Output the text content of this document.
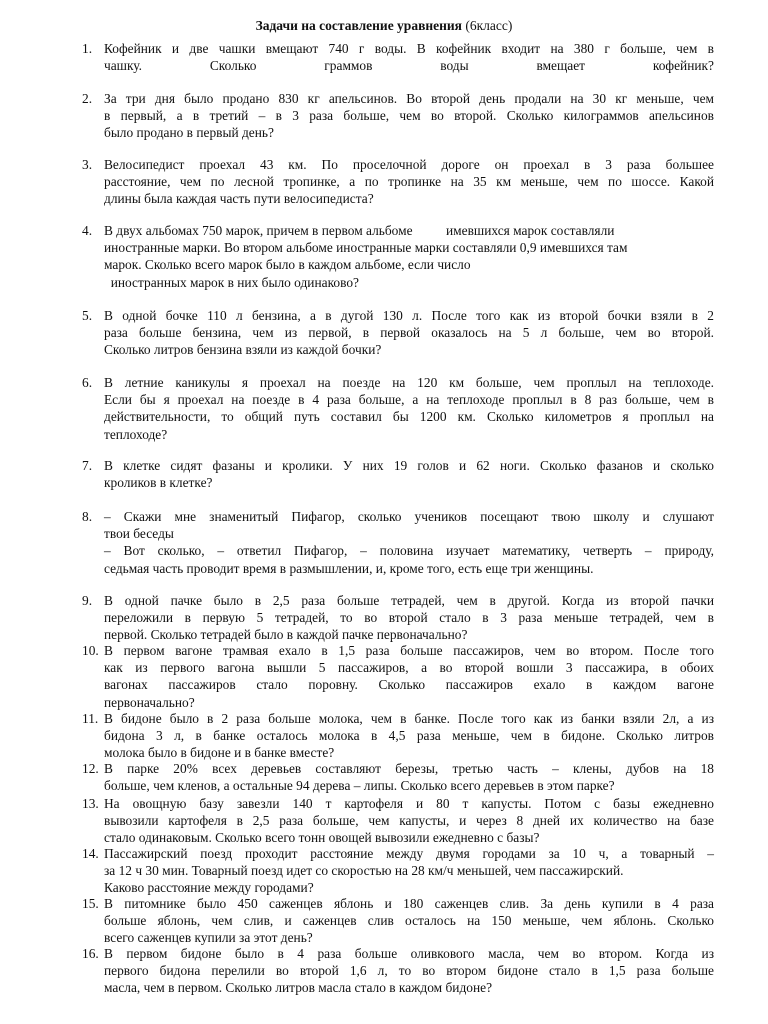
Задачи на составление уравнения (6класс)
1. Кофейник и две чашки вмещают 740 г воды. В кофейник входит на 380 г больше, чем в
чашку. Сколько граммов воды вмещает кофейник?
2. За три дня было продано 830 кг апельсинов. Во второй день продали на 30 кг меньше, чем
в первый, а в третий – в 3 раза больше, чем во второй. Сколько килограммов апельсинов
было продано в первый день?
3. Велосипедист проехал 43 км. По проселочной дороге он проехал в 3 раза большее
расстояние, чем по лесной тропинке, а по тропинке на 35 км меньше, чем по шоссе. Какой
длины была каждая часть пути велосипедиста?
4. В двух альбомах 750 марок, причем в первом альбоме          имевшихся марок составляли
иностранные марки. Во втором альбоме иностранные марки составляли 0,9 имевшихся там
марок. Сколько всего марок было в каждом альбоме, если число
иностранных марок в них было одинаково?
5. В одной бочке 110 л бензина, а в дугой 130 л. После того как из второй бочки взяли в 2
раза больше бензина, чем из первой, в первой оказалось на 5 л больше, чем во второй.
Сколько литров бензина взяли из каждой бочки?
6. В летние каникулы я проехал на поезде на 120 км больше, чем проплыл на теплоходе.
Если бы я проехал на поезде в 4 раза больше, а на теплоходе проплыл в 8 раз больше, чем в
действительности, то общий путь составил бы 1200 км. Сколько километров я проплыл на
теплоходе?
7. В клетке сидят фазаны и кролики. У них 19 голов и 62 ноги. Сколько фазанов и сколько
кроликов в клетке?
8. – Скажи мне знаменитый Пифагор, сколько учеников посещают твою школу и слушают
твои беседы
– Вот сколько, – ответил Пифагор, – половина изучает математику, четверть – природу,
седьмая часть проводит время в размышлении, и, кроме того, есть еще три женщины.
9. В одной пачке было в 2,5 раза больше тетрадей, чем в другой. Когда из второй пачки
переложили в первую 5 тетрадей, то во второй стало в 3 раза меньше тетрадей, чем в
первой. Сколько тетрадей было в каждой пачке первоначально?
10. В первом вагоне трамвая ехало в 1,5 раза больше пассажиров, чем во втором. После того
как из первого вагона вышли 5 пассажиров, а во второй вошли 3 пассажира, в обоих
вагонах пассажиров стало поровну. Сколько пассажиров ехало в каждом вагоне
первоначально?
11. В бидоне было в 2 раза больше молока, чем в банке. После того как из банки взяли 2л, а из
бидона 3 л, в банке осталось молока в 4,5 раза меньше, чем в бидоне. Сколько литров
молока было в бидоне и в банке вместе?
12. В парке 20% всех деревьев составляют березы, третью часть – клены, дубов на 18
больше, чем кленов, а остальные 94 дерева – липы. Сколько всего деревьев в этом парке?
13. На овощную базу завезли 140 т картофеля и 80 т капусты. Потом с базы ежедневно
вывозили картофеля в 2,5 раза больше, чем капусты, и через 8 дней их количество на базе
стало одинаковым. Сколько всего тонн овощей вывозили ежедневно с базы?
14. Пассажирский поезд проходит расстояние между двумя городами за 10 ч, а товарный –
за 12 ч 30 мин. Товарный поезд идет со скоростью на 28 км/ч меньшей, чем пассажирский.
Каково расстояние между городами?
15. В питомнике было 450 саженцев яблонь и 180 саженцев слив. За день купили в 4 раза
больше яблонь, чем слив, и саженцев слив осталось на 150 меньше, чем яблонь. Сколько
всего саженцев купили за этот день?
16. В первом бидоне было в 4 раза больше оливкового масла, чем во втором. Когда из
первого бидона перелили во второй 1,6 л, то во втором бидоне стало в 1,5 раза больше
масла, чем в первом. Сколько литров масла стало в каждом бидоне?
